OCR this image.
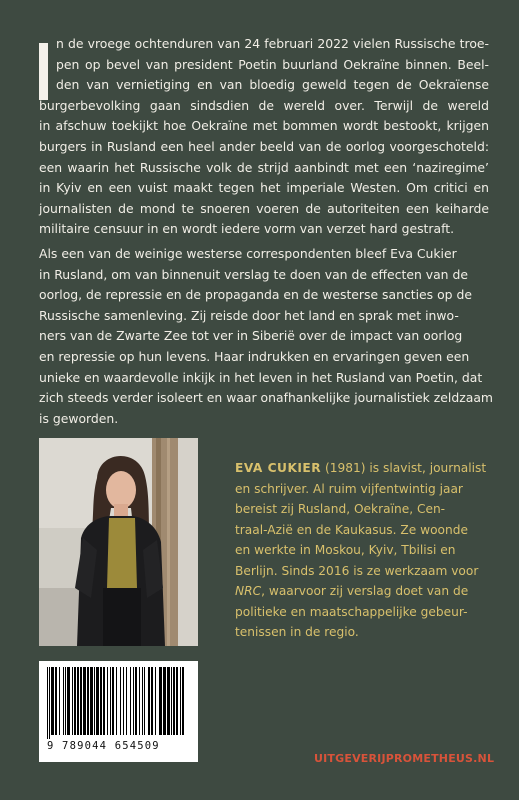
n de vroege ochtenduren van 24 februari 2022 vielen Russische troe-
pen op bevel van president Poetin buurland Oekraïne binnen. Beel-
den van vernietiging en van bloedig geweld tegen de Oekraïense
burgerbevolking gaan sindsdien de wereld over. Terwijl de wereld
in afschuw toekijkt hoe Oekraïne met bommen wordt bestookt, krijgen
burgers in Rusland een heel ander beeld van de oorlog voorgeschoteld:
een waarin het Russische volk de strijd aanbindt met een ‘naziregime’
in Kyiv en een vuist maakt tegen het imperiale Westen. Om critici en
journalisten de mond te snoeren voeren de autoriteiten een keiharde
militaire censuur in en wordt iedere vorm van verzet hard gestraft.

Als een van de weinige westerse correspondenten bleef Eva Cukier
in Rusland, om van binnenuit verslag te doen van de effecten van de
oorlog, de repressie en de propaganda en de westerse sancties op de
Russische samenleving. Zij reisde door het land en sprak met inwo-
ners van de Zwarte Zee tot ver in Siberië over de impact van oorlog
en repressie op hun levens. Haar indrukken en ervaringen geven een
unieke en waardevolle inkijk in het leven in het Rusland van Poetin, dat
zich steeds verder isoleert en waar onafhankelijke journalistiek zeldzaam
is geworden.

EVA CUKIER (1981) is slavist, journalist
en schrijver. Al ruim vijfentwintig jaar
bereist zij Rusland, Oekraïne, Cen-
traal-Azië en de Kaukasus. Ze woonde
en werkte in Moskou, Kyiv, Tbilisi en
Berlijn. Sinds 2016 is ze werkzaam voor
NRC, waarvoor zij verslag doet van de
politieke en maatschappelijke gebeur-
tenissen in de regio.

9 789044 654509
UITGEVERIJPROMETHEUS.NL
